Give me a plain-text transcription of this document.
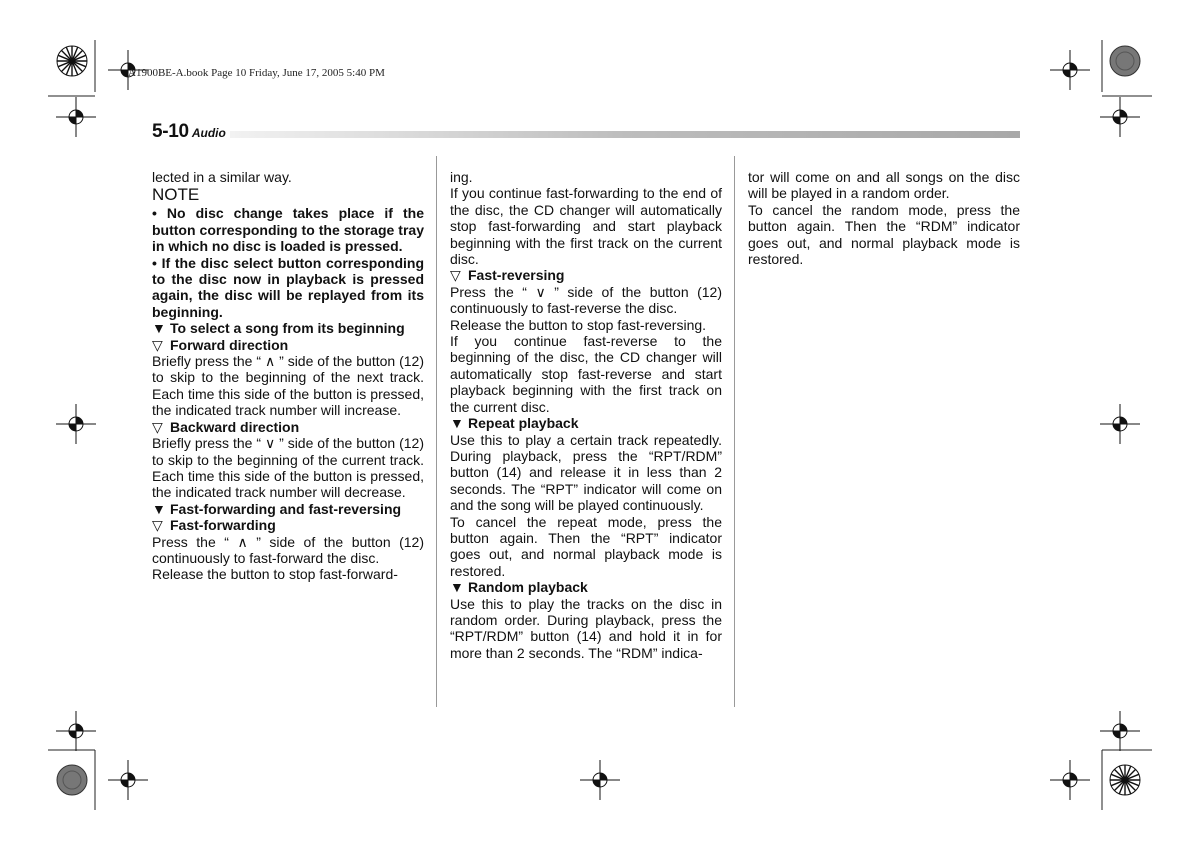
A1900BE-A.book Page 10 Friday, June 17, 2005 5:40 PM
5-10 Audio

lected in a similar way.

NOTE

• No disc change takes place if the button corresponding to the storage tray in which no disc is loaded is pressed.

• If the disc select button corresponding to the disc now in playback is pressed again, the disc will be replayed from its beginning.

▼ To select a song from its beginning

▽ Forward direction

Briefly press the “ ∧ ” side of the button (12) to skip to the beginning of the next track. Each time this side of the button is pressed, the indicated track number will increase.

▽ Backward direction

Briefly press the “ ∨ ” side of the button (12) to skip to the beginning of the current track. Each time this side of the button is pressed, the indicated track number will decrease.

▼ Fast-forwarding and fast-reversing

▽ Fast-forwarding

Press the “ ∧ ” side of the button (12) continuously to fast-forward the disc.

Release the button to stop fast-forward-

ing.

If you continue fast-forwarding to the end of the disc, the CD changer will automatically stop fast-forwarding and start playback beginning with the first track on the current disc.

▽ Fast-reversing

Press the “ ∨ ” side of the button (12) continuously to fast-reverse the disc.

Release the button to stop fast-reversing.

If you continue fast-reverse to the beginning of the disc, the CD changer will automatically stop fast-reverse and start playback beginning with the first track on the current disc.

▼ Repeat playback

Use this to play a certain track repeatedly. During playback, press the “RPT/RDM” button (14) and release it in less than 2 seconds. The “RPT” indicator will come on and the song will be played continuously.

To cancel the repeat mode, press the button again. Then the “RPT” indicator goes out, and normal playback mode is restored.

▼ Random playback

Use this to play the tracks on the disc in random order. During playback, press the “RPT/RDM” button (14) and hold it in for more than 2 seconds. The “RDM” indica-

tor will come on and all songs on the disc will be played in a random order.

To cancel the random mode, press the button again. Then the “RDM” indicator goes out, and normal playback mode is restored.
